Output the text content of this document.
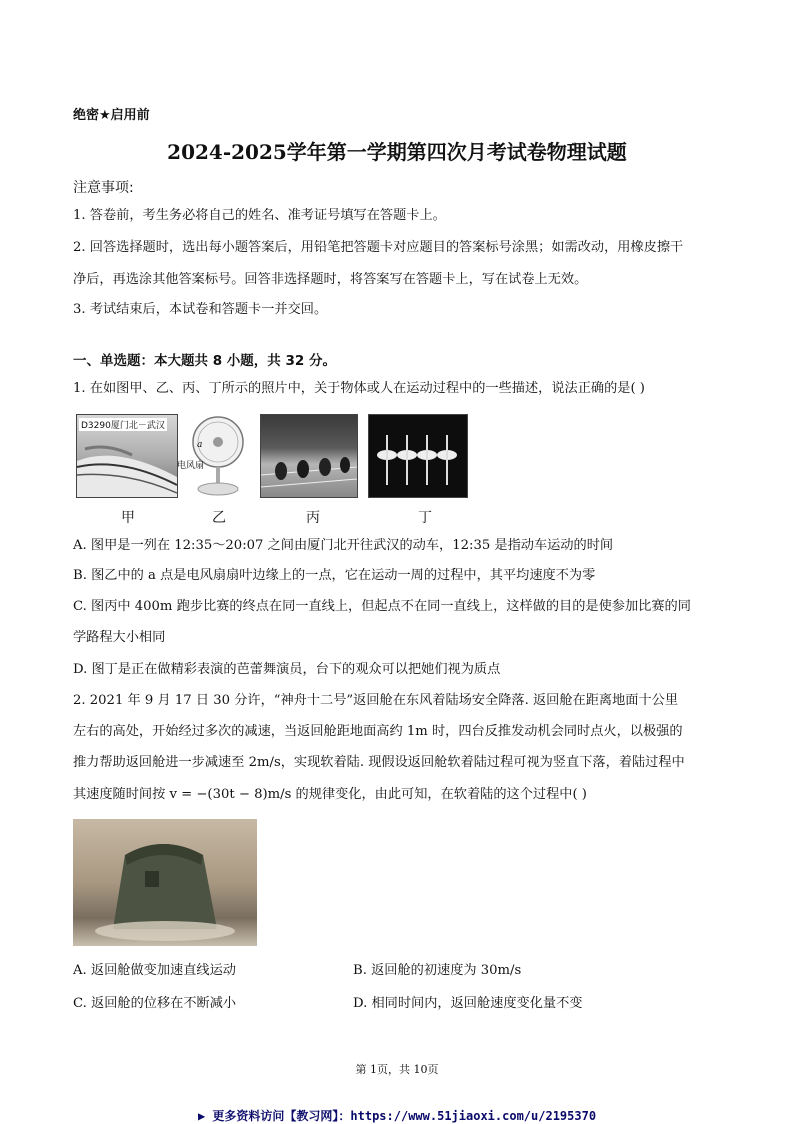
绝密★启用前
2024-2025学年第一学期第四次月考试卷物理试题
注意事项:
1. 答卷前，考生务必将自己的姓名、准考证号填写在答题卡上。
2. 回答选择题时，选出每小题答案后，用铅笔把答题卡对应题目的答案标号涂黑；如需改动，用橡皮擦干
净后，再选涂其他答案标号。回答非选择题时，将答案写在答题卡上，写在试卷上无效。
3. 考试结束后，本试卷和答题卡一并交回。
一、单选题：本大题共 8 小题，共 32 分。
1. 在如图甲、乙、丙、丁所示的照片中，关于物体或人在运动过程中的一些描述，说法正确的是( )
D3290厦门北－武汉
a
电风扇
甲	乙	丙	丁
A. 图甲是一列在 12:35～20:07 之间由厦门北开往武汉的动车，12:35 是指动车运动的时间
B. 图乙中的 a 点是电风扇扇叶边缘上的一点，它在运动一周的过程中，其平均速度不为零
C. 图丙中 400m 跑步比赛的终点在同一直线上，但起点不在同一直线上，这样做的目的是使参加比赛的同
学路程大小相同
D. 图丁是正在做精彩表演的芭蕾舞演员，台下的观众可以把她们视为质点
2. 2021 年 9 月 17 日 30 分许，“神舟十二号”返回舱在东风着陆场安全降落. 返回舱在距离地面十公里
左右的高处，开始经过多次的减速，当返回舱距地面高约 1m 时，四台反推发动机会同时点火，以极强的
推力帮助返回舱进一步减速至 2m/s，实现软着陆. 现假设返回舱软着陆过程可视为竖直下落，着陆过程中
其速度随时间按 v = −(30t − 8)m/s 的规律变化，由此可知，在软着陆的这个过程中( )
A. 返回舱做变加速直线运动	B. 返回舱的初速度为 30m/s
C. 返回舱的位移在不断减小	D. 相同时间内，返回舱速度变化量不变
第 1页，共 10页
▶ 更多资料访问【教习网】：https://www.51jiaoxi.com/u/2195370
